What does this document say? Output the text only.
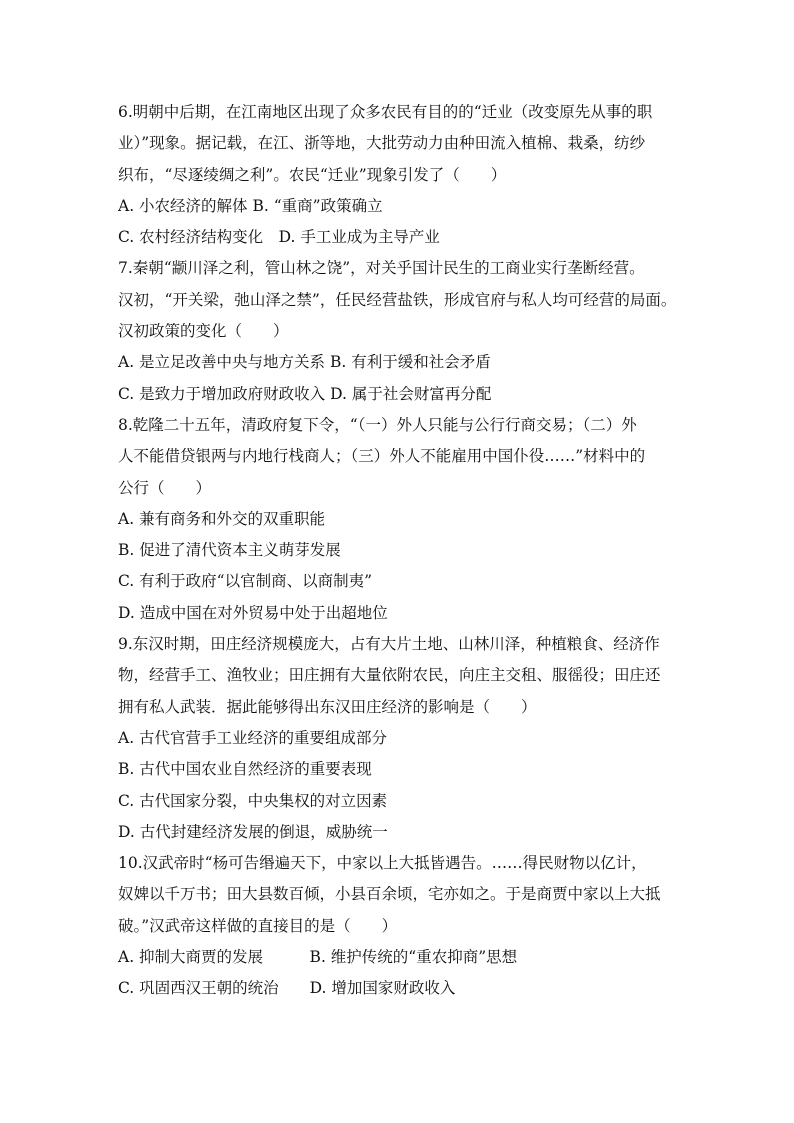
6.明朝中后期，在江南地区出现了众多农民有目的的“迁业（改变原先从事的职
业）”现象。据记载，在江、浙等地，大批劳动力由种田流入植棉、栽桑，纺纱
织布，“尽逐绫绸之利”。农民“迁业”现象引发了（　　）
A. 小农经济的解体 B. “重商”政策确立
C. 农村经济结构变化　D. 手工业成为主导产业
7.秦朝“颛川泽之利，管山林之饶”，对关乎国计民生的工商业实行垄断经营。
汉初，“开关梁，弛山泽之禁”，任民经营盐铁，形成官府与私人均可经营的局面。
汉初政策的变化（　　）
A. 是立足改善中央与地方关系 B. 有利于缓和社会矛盾
C. 是致力于增加政府财政收入 D. 属于社会财富再分配
8.乾隆二十五年，清政府复下令，“（一）外人只能与公行行商交易；（二）外
人不能借贷银两与内地行栈商人；（三）外人不能雇用中国仆役……”材料中的
公行（　　）
A. 兼有商务和外交的双重职能
B. 促进了清代资本主义萌芽发展
C. 有利于政府“以官制商、以商制夷”
D. 造成中国在对外贸易中处于出超地位
9.东汉时期，田庄经济规模庞大，占有大片土地、山林川泽，种植粮食、经济作
物，经营手工、渔牧业；田庄拥有大量依附农民，向庄主交租、服徭役；田庄还
拥有私人武装．据此能够得出东汉田庄经济的影响是（　　）
A. 古代官营手工业经济的重要组成部分
B. 古代中国农业自然经济的重要表现
C. 古代国家分裂，中央集权的对立因素
D. 古代封建经济发展的倒退，威胁统一
10.汉武帝时“杨可告缗遍天下，中家以上大抵皆遇告。……得民财物以亿计，
奴婢以千万书；田大县数百倾，小县百余顷，宅亦如之。于是商贾中家以上大抵
破。”汉武帝这样做的直接目的是（　　）
A. 抑制大商贾的发展　　　B. 维护传统的“重农抑商”思想
C. 巩固西汉王朝的统治　　D. 增加国家财政收入
